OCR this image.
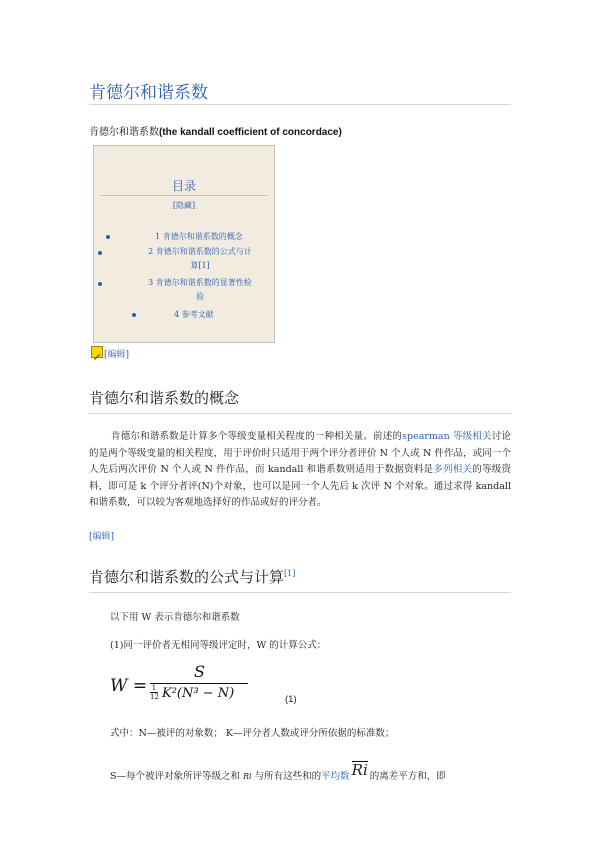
肯德尔和谐系数
肯德尔和谐系数(the kandall coefficient of concordace)
目录
[隐藏]
1 肯德尔和谐系数的概念
2 肯德尔和谐系数的公式与计
算[1]
3 肯德尔和谐系数的显著性检
验
4 参考文献
[编辑]
肯德尔和谐系数的概念
肯德尔和谐系数是计算多个等级变量相关程度的一种相关量。前述的spearman 等级相关讨论的是两个等级变量的相关程度，用于评价时只适用于两个评分者评价 N 个人或 N 件作品，或同一个人先后两次评价 N 个人或 N 件作品，而 kandall 和谐系数则适用于数据资料是多列相关的等级资料，即可是 k 个评分者评(N)个对象，也可以是同一个人先后 k 次评 N 个对象。通过求得 kandall 和谐系数，可以较为客观地选择好的作品或好的评分者。
[编辑]
肯德尔和谐系数的公式与计算[1]
以下用 W 表示肯德尔和谐系数
(1)同一评价者无相同等级评定时，W 的计算公式：
W =
S
1
12 K²(N³ − N)	(1)
式中：N—被评的对象数； K—评分者人数或评分所依据的标准数；
S—每个被评对象所评等级之和 Ri 与所有这些和的平均数 Ri 的离差平方和，即
